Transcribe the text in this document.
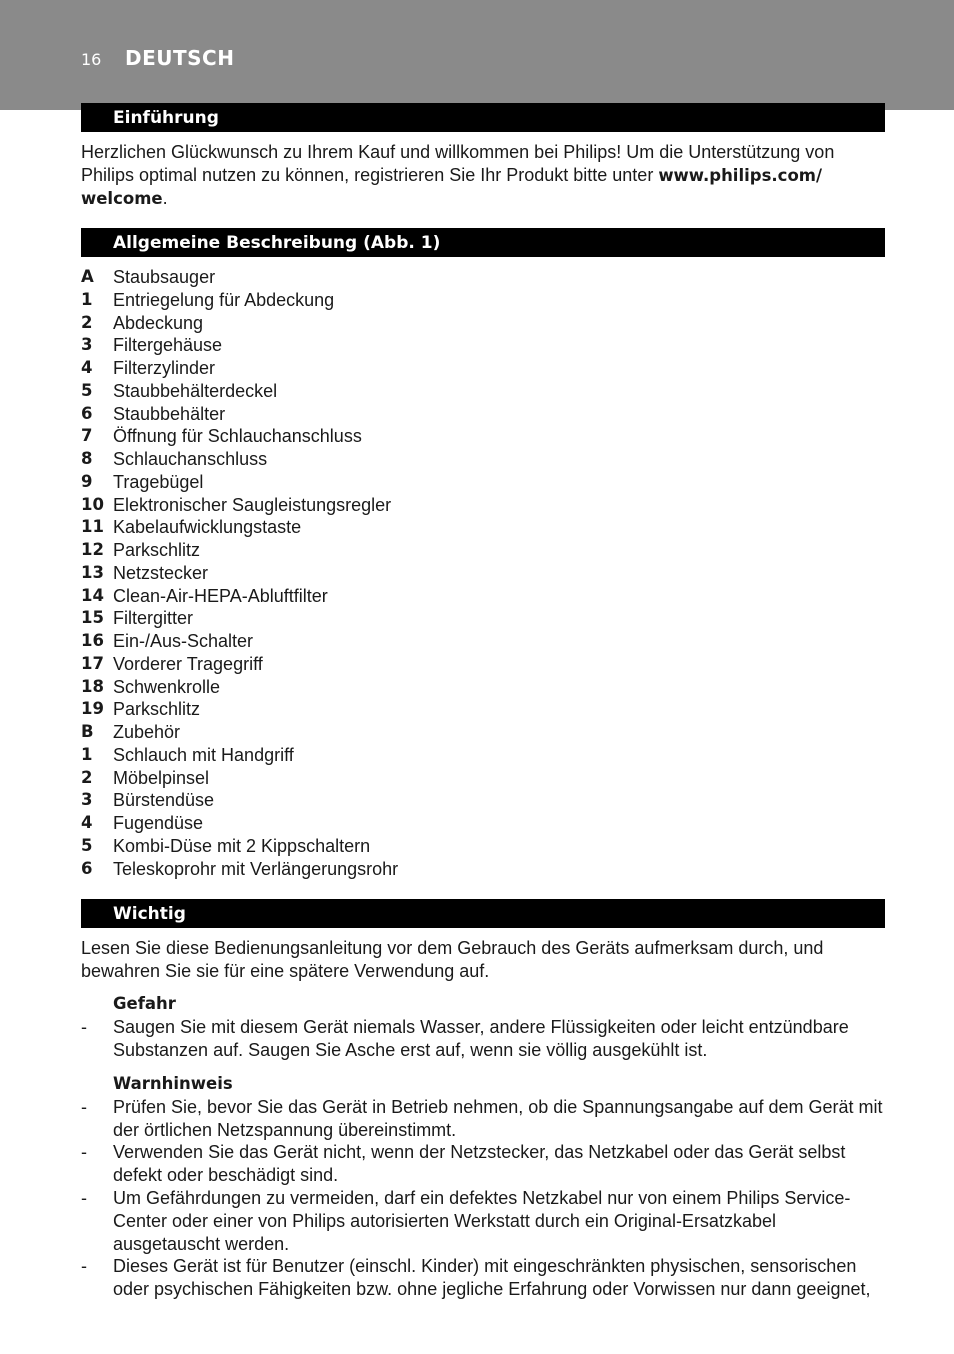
16 DEUTSCH
Einführung
Herzlichen Glückwunsch zu Ihrem Kauf und willkommen bei Philips! Um die Unterstützung von Philips optimal nutzen zu können, registrieren Sie Ihr Produkt bitte unter www.philips.com/
welcome.
Allgemeine Beschreibung (Abb. 1)
A Staubsauger
1 Entriegelung für Abdeckung
2 Abdeckung
3 Filtergehäuse
4 Filterzylinder
5 Staubbehälterdeckel
6 Staubbehälter
7 Öffnung für Schlauchanschluss
8 Schlauchanschluss
9 Tragebügel
10 Elektronischer Saugleistungsregler
11 Kabelaufwicklungstaste
12 Parkschlitz
13 Netzstecker
14 Clean-Air-HEPA-Abluftfilter
15 Filtergitter
16 Ein-/Aus-Schalter
17 Vorderer Tragegriff
18 Schwenkrolle
19 Parkschlitz
B Zubehör
1 Schlauch mit Handgriff
2 Möbelpinsel
3 Bürstendüse
4 Fugendüse
5 Kombi-Düse mit 2 Kippschaltern
6 Teleskoprohr mit Verlängerungsrohr
Wichtig
Lesen Sie diese Bedienungsanleitung vor dem Gebrauch des Geräts aufmerksam durch, und bewahren Sie sie für eine spätere Verwendung auf.
Gefahr
- Saugen Sie mit diesem Gerät niemals Wasser, andere Flüssigkeiten oder leicht entzündbare Substanzen auf. Saugen Sie Asche erst auf, wenn sie völlig ausgekühlt ist.
Warnhinweis
- Prüfen Sie, bevor Sie das Gerät in Betrieb nehmen, ob die Spannungsangabe auf dem Gerät mit der örtlichen Netzspannung übereinstimmt.
- Verwenden Sie das Gerät nicht, wenn der Netzstecker, das Netzkabel oder das Gerät selbst defekt oder beschädigt sind.
- Um Gefährdungen zu vermeiden, darf ein defektes Netzkabel nur von einem Philips Service-Center oder einer von Philips autorisierten Werkstatt durch ein Original-Ersatzkabel ausgetauscht werden.
- Dieses Gerät ist für Benutzer (einschl. Kinder) mit eingeschränkten physischen, sensorischen oder psychischen Fähigkeiten bzw. ohne jegliche Erfahrung oder Vorwissen nur dann geeignet,
